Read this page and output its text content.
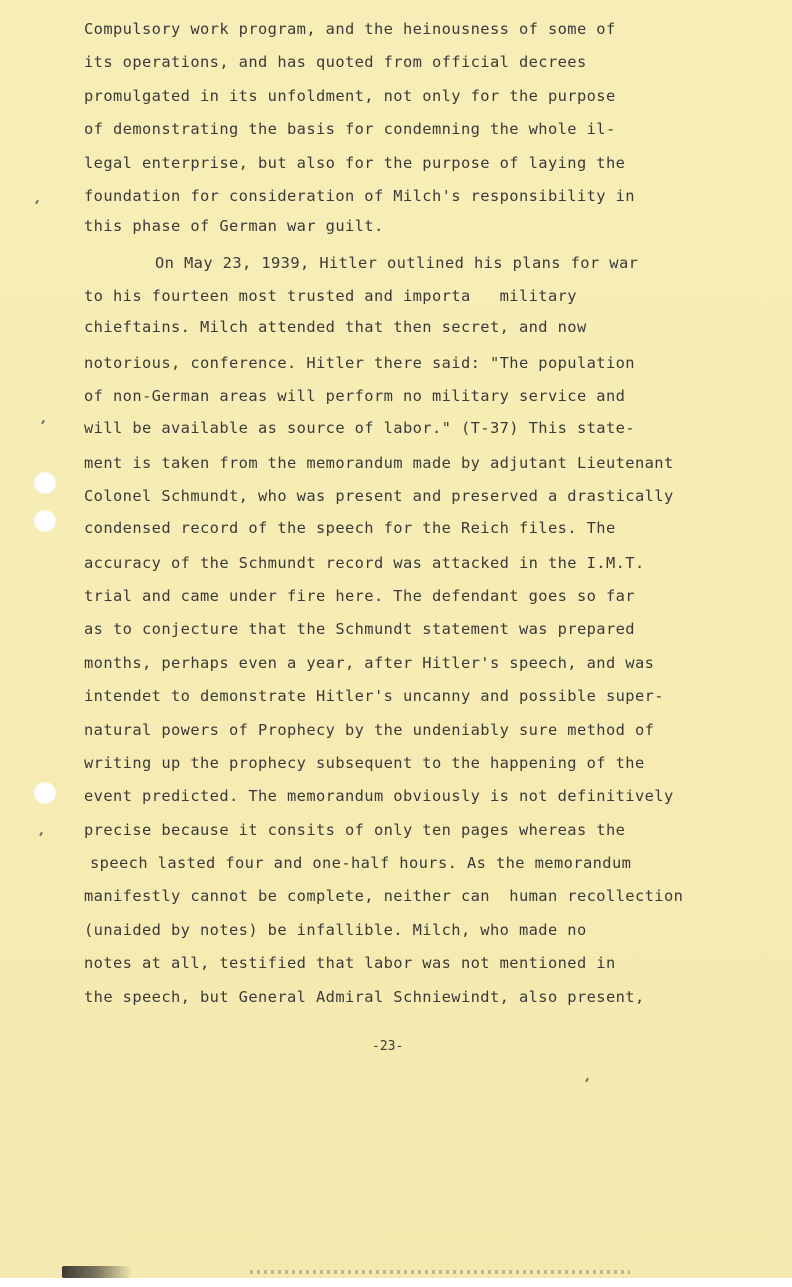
Compulsory work program, and the heinousness of some of

its operations, and has quoted from official decrees

promulgated in its unfoldment, not only for the purpose

of demonstrating the basis for condemning the whole il-

legal enterprise, but also for the purpose of laying the

foundation for consideration of Milch's responsibility in

this phase of German war guilt.

On May 23, 1939, Hitler outlined his plans for war

to his fourteen most trusted and importa   military

chieftains. Milch attended that then secret, and now

notorious, conference. Hitler there said: "The population

of non-German areas will perform no military service and

will be available as source of labor." (T-37) This state-

ment is taken from the memorandum made by adjutant Lieutenant

Colonel Schmundt, who was present and preserved a drastically

condensed record of the speech for the Reich files. The

accuracy of the Schmundt record was attacked in the I.M.T.

trial and came under fire here. The defendant goes so far

as to conjecture that the Schmundt statement was prepared

months, perhaps even a year, after Hitler's speech, and was

intendet to demonstrate Hitler's uncanny and possible super-

natural powers of Prophecy by the undeniably sure method of

writing up the prophecy subsequent to the happening of the

event predicted. The memorandum obviously is not definitively

precise because it consits of only ten pages whereas the

speech lasted four and one-half hours. As the memorandum

manifestly cannot be complete, neither can  human recollection

(unaided by notes) be infallible. Milch, who made no

notes at all, testified that labor was not mentioned in

the speech, but General Admiral Schniewindt, also present,

-23-
